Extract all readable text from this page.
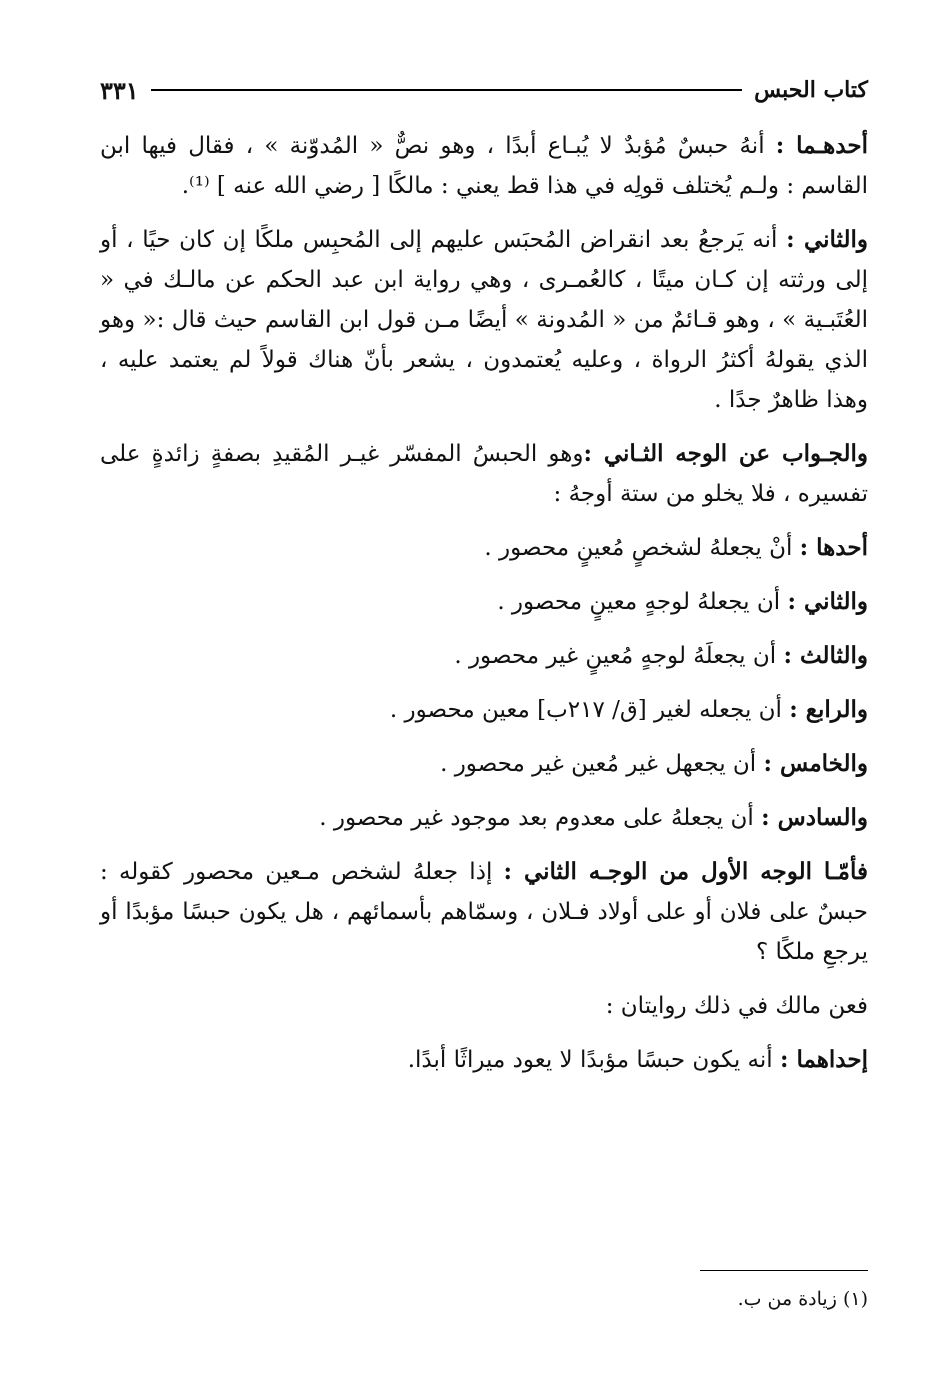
كتاب الحبس
٣٣١

أحدهـما : أنهُ حبسٌ مُؤبدٌ لا يُبـاع أبدًا ، وهو نصٌّ « المُدوّنة » ، فقال فيها ابن القاسم : ولـم يُختلف قولِه في هذا قط يعني : مالكًا [ رضي الله عنه ] ⁽¹⁾.

والثاني : أنه يَرجعُ بعد انقراض المُحبَس عليهم إلى المُحبِس ملكًا إن كان حيًا ، أو إلى ورثته إن كـان ميتًا ، كالعُمـرى ، وهي رواية ابن عبد الحكم عن مالـك في « العُتَبـية » ، وهو قـائمٌ من « المُدونة » أيضًا مـن قول ابن القاسم حيث قال :« وهو الذي يقولهُ أكثرُ الرواة ، وعليه يُعتمدون ، يشعر بأنّ هناك قولاً لم يعتمد عليه ، وهذا ظاهرٌ جدًا .

والجـواب عن الوجه الثـاني :وهو الحبسُ المفسّر غيـر المُقيدِ بصفةٍ زائدةٍ على تفسيره ، فلا يخلو من ستة أوجهُ :

أحدها : أنْ يجعلهُ لشخصٍ مُعينٍ محصور .
والثاني : أن يجعلهُ لوجهٍ معينٍ محصور .
والثالث : أن يجعلَهُ لوجهٍ مُعينٍ غير محصور .
والرابع : أن يجعله لغير [ق/ ٢١٧ب] معين محصور .
والخامس : أن يجعهل غير مُعين غير محصور .
والسادس : أن يجعلهُ على معدوم بعد موجود غير محصور .

فأمّـا الوجه الأول من الوجـه الثاني : إذا جعلهُ لشخص مـعين محصور كقوله : حبسٌ على فلان أو على أولاد فـلان ، وسمّاهم بأسمائهم ، هل يكون حبسًا مؤبدًا أو يرجعِ ملكًا ؟

فعن مالك في ذلك روايتان :
إحداهما : أنه يكون حبسًا مؤبدًا لا يعود ميراثًا أبدًا.
(١) زيادة من ب.
